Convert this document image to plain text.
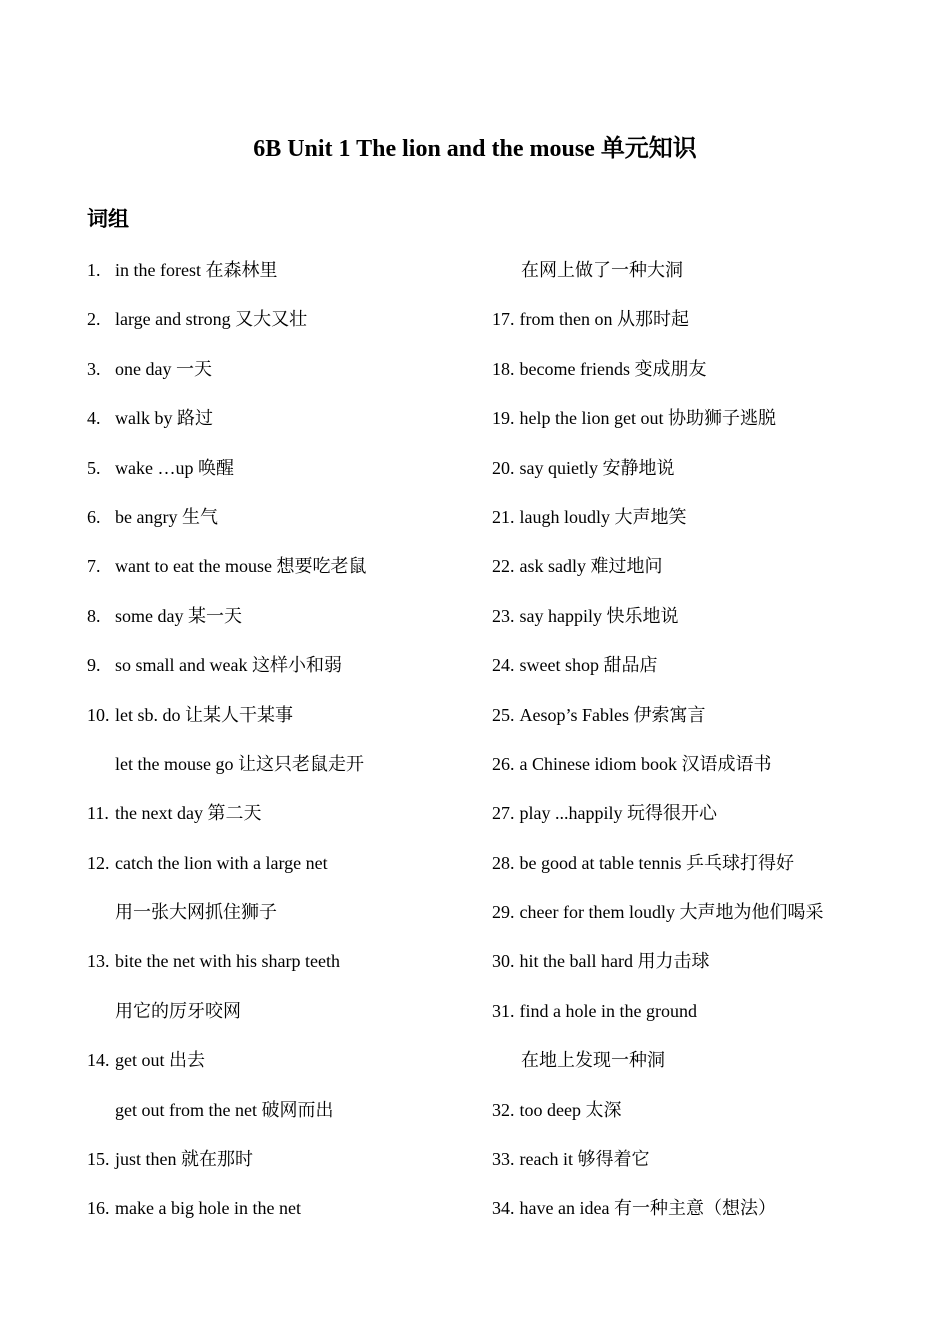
6B Unit 1 The lion and the mouse 单元知识
词组
1. in the forest 在森林里
2. large and strong 又大又壮
3. one day 一天
4. walk by 路过
5. wake …up 唤醒
6. be angry 生气
7. want to eat the mouse 想要吃老鼠
8. some day 某一天
9. so small and weak 这样小和弱
10. let sb. do 让某人干某事
let the mouse go 让这只老鼠走开
11. the next day 第二天
12. catch the lion with a large net
用一张大网抓住狮子
13. bite the net with his sharp teeth
用它的厉牙咬网
14. get out 出去
get out from the net 破网而出
15. just then 就在那时
16. make a big hole in the net
在网上做了一种大洞
17. from then on 从那时起
18. become friends 变成朋友
19. help the lion get out 协助狮子逃脱
20. say quietly 安静地说
21. laugh loudly 大声地笑
22. ask sadly 难过地问
23. say happily 快乐地说
24. sweet shop 甜品店
25. Aesop’s Fables 伊索寓言
26. a Chinese idiom book 汉语成语书
27. play ...happily 玩得很开心
28. be good at table tennis 乒乓球打得好
29. cheer for them loudly 大声地为他们喝采
30. hit the ball hard 用力击球
31. find a hole in the ground
在地上发现一种洞
32. too deep 太深
33. reach it 够得着它
34. have an idea 有一种主意（想法）
